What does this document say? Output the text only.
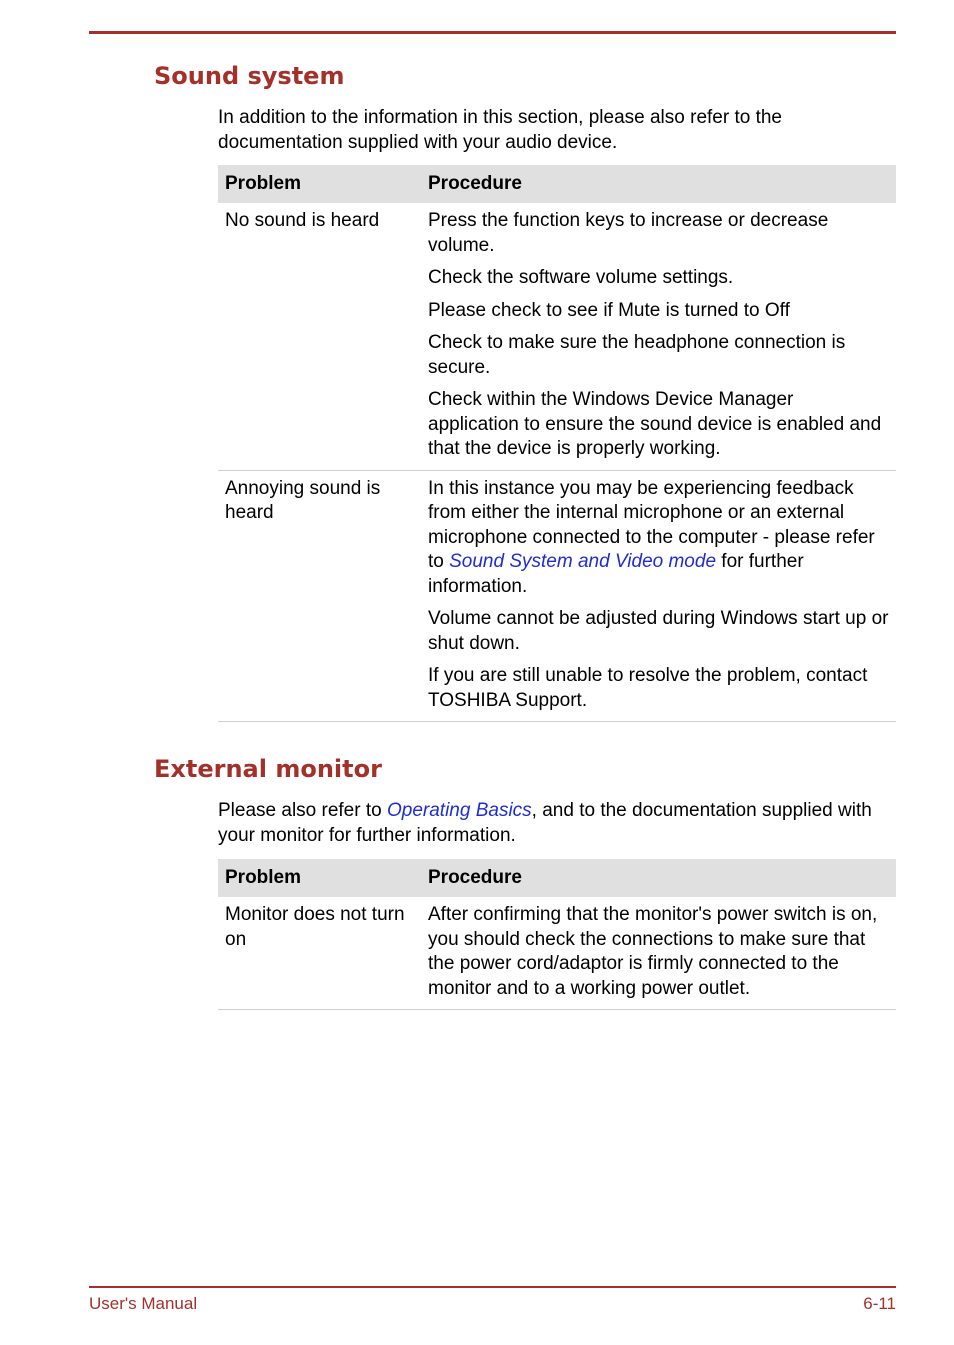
Sound system

In addition to the information in this section, please also refer to the documentation supplied with your audio device.

Problem	Procedure
No sound is heard	Press the function keys to increase or decrease volume.

Check the software volume settings.

Please check to see if Mute is turned to Off

Check to make sure the headphone connection is secure.

Check within the Windows Device Manager application to ensure the sound device is enabled and that the device is properly working.

Annoying sound is heard	In this instance you may be experiencing feedback from either the internal microphone or an external microphone connected to the computer - please refer to Sound System and Video mode for further information.

Volume cannot be adjusted during Windows start up or shut down.

If you are still unable to resolve the problem, contact TOSHIBA Support.

External monitor

Please also refer to Operating Basics, and to the documentation supplied with your monitor for further information.

Problem	Procedure
Monitor does not turn on	After confirming that the monitor's power switch is on, you should check the connections to make sure that the power cord/adaptor is firmly connected to the monitor and to a working power outlet.

User's Manual	6-11
